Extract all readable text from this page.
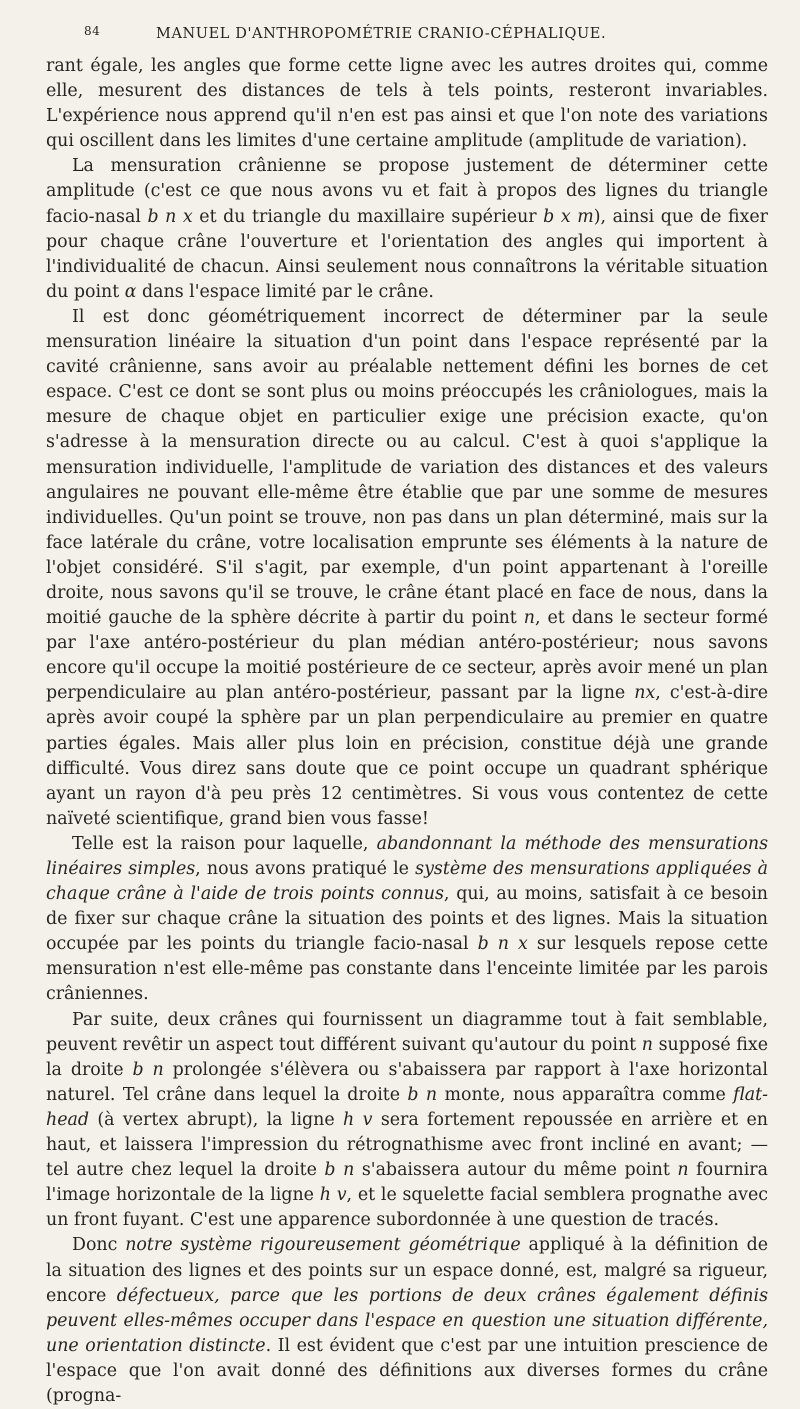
84	MANUEL D'ANTHROPOMÉTRIE CRANIO-CÉPHALIQUE.

rant égale, les angles que forme cette ligne avec les autres droites qui, comme elle, mesurent des distances de tels à tels points, resteront invariables. L'expérience nous apprend qu'il n'en est pas ainsi et que l'on note des variations qui oscillent dans les limites d'une certaine amplitude (amplitude de variation).

La mensuration crânienne se propose justement de déterminer cette amplitude (c'est ce que nous avons vu et fait à propos des lignes du triangle facio-nasal b n x et du triangle du maxillaire supérieur b x m), ainsi que de fixer pour chaque crâne l'ouverture et l'orientation des angles qui importent à l'individualité de chacun. Ainsi seulement nous connaîtrons la véritable situation du point α dans l'espace limité par le crâne.

Il est donc géométriquement incorrect de déterminer par la seule mensuration linéaire la situation d'un point dans l'espace représenté par la cavité crânienne, sans avoir au préalable nettement défini les bornes de cet espace. C'est ce dont se sont plus ou moins préoccupés les crâniologues, mais la mesure de chaque objet en particulier exige une précision exacte, qu'on s'adresse à la mensuration directe ou au calcul. C'est à quoi s'applique la mensuration individuelle, l'amplitude de variation des distances et des valeurs angulaires ne pouvant elle-même être établie que par une somme de mesures individuelles. Qu'un point se trouve, non pas dans un plan déterminé, mais sur la face latérale du crâne, votre localisation emprunte ses éléments à la nature de l'objet considéré. S'il s'agit, par exemple, d'un point appartenant à l'oreille droite, nous savons qu'il se trouve, le crâne étant placé en face de nous, dans la moitié gauche de la sphère décrite à partir du point n, et dans le secteur formé par l'axe antéro-postérieur du plan médian antéro-postérieur; nous savons encore qu'il occupe la moitié postérieure de ce secteur, après avoir mené un plan perpendiculaire au plan antéro-postérieur, passant par la ligne nx, c'est-à-dire après avoir coupé la sphère par un plan perpendiculaire au premier en quatre parties égales. Mais aller plus loin en précision, constitue déjà une grande difficulté. Vous direz sans doute que ce point occupe un quadrant sphérique ayant un rayon d'à peu près 12 centimètres. Si vous vous contentez de cette naïveté scientifique, grand bien vous fasse!

Telle est la raison pour laquelle, abandonnant la méthode des mensurations linéaires simples, nous avons pratiqué le système des mensurations appliquées à chaque crâne à l'aide de trois points connus, qui, au moins, satisfait à ce besoin de fixer sur chaque crâne la situation des points et des lignes. Mais la situation occupée par les points du triangle facio-nasal b n x sur lesquels repose cette mensuration n'est elle-même pas constante dans l'enceinte limitée par les parois crâniennes.

Par suite, deux crânes qui fournissent un diagramme tout à fait semblable, peuvent revêtir un aspect tout différent suivant qu'autour du point n supposé fixe la droite b n prolongée s'élèvera ou s'abaissera par rapport à l'axe horizontal naturel. Tel crâne dans lequel la droite b n monte, nous apparaîtra comme flat-head (à vertex abrupt), la ligne h v sera fortement repoussée en arrière et en haut, et laissera l'impression du rétrognathisme avec front incliné en avant; — tel autre chez lequel la droite b n s'abaissera autour du même point n fournira l'image horizontale de la ligne h v, et le squelette facial semblera prognathe avec un front fuyant. C'est une apparence subordonnée à une question de tracés.

Donc notre système rigoureusement géométrique appliqué à la définition de la situation des lignes et des points sur un espace donné, est, malgré sa rigueur, encore défectueux, parce que les portions de deux crânes également définis peuvent elles-mêmes occuper dans l'espace en question une situation différente, une orientation distincte. Il est évident que c'est par une intuition prescience de l'espace que l'on avait donné des définitions aux diverses formes du crâne (progna-
